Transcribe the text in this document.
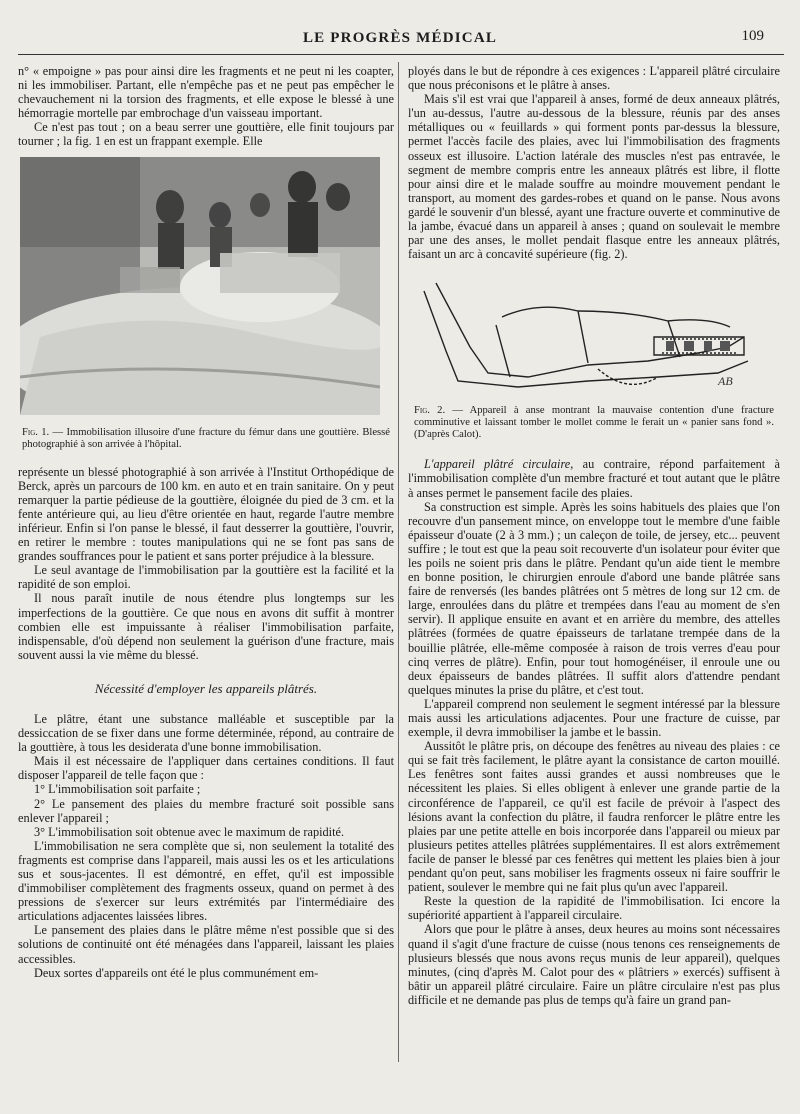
LE PROGRÈS MÉDICAL	109

n° « empoigne » pas pour ainsi dire les fragments et ne peut ni les coapter, ni les immobiliser. Partant, elle n'empêche pas et ne peut pas empêcher le chevauchement ni la torsion des fragments, et elle expose le blessé à une hémorragie mortelle par embrochage d'un vaisseau important.

Ce n'est pas tout ; on a beau serrer une gouttière, elle finit toujours par tourner ; la fig. 1 en est un frappant exemple. Elle

Fig. 1. — Immobilisation illusoire d'une fracture du fémur dans une gouttière. Blessé photographié à son arrivée à l'hôpital.

représente un blessé photographié à son arrivée à l'Institut Orthopédique de Berck, après un parcours de 100 km. en auto et en train sanitaire. On y peut remarquer la partie pédieuse de la gouttière, éloignée du pied de 3 cm. et la fente antérieure qui, au lieu d'être orientée en haut, regarde l'autre membre inférieur. Enfin si l'on panse le blessé, il faut desserrer la gouttière, l'ouvrir, en retirer le membre : toutes manipulations qui ne se font pas sans de grandes souffrances pour le patient et sans porter préjudice à la blessure.

Le seul avantage de l'immobilisation par la gouttière est la facilité et la rapidité de son emploi.

Il nous paraît inutile de nous étendre plus longtemps sur les imperfections de la gouttière. Ce que nous en avons dit suffit à montrer combien elle est impuissante à réaliser l'immobilisation parfaite, indispensable, d'où dépend non seulement la guérison d'une fracture, mais souvent aussi la vie même du blessé.

Nécessité d'employer les appareils plâtrés.

Le plâtre, étant une substance malléable et susceptible par la dessiccation de se fixer dans une forme déterminée, répond, au contraire de la gouttière, à tous les desiderata d'une bonne immobilisation.

Mais il est nécessaire de l'appliquer dans certaines conditions. Il faut disposer l'appareil de telle façon que :

1° L'immobilisation soit parfaite ;

2° Le pansement des plaies du membre fracturé soit possible sans enlever l'appareil ;

3° L'immobilisation soit obtenue avec le maximum de rapidité.

L'immobilisation ne sera complète que si, non seulement la totalité des fragments est comprise dans l'appareil, mais aussi les os et les articulations sus et sous-jacentes. Il est démontré, en effet, qu'il est impossible d'immobiliser complètement des fragments osseux, quand on permet à des pressions de s'exercer sur leurs extrémités par l'intermédiaire des articulations adjacentes laissées libres.

Le pansement des plaies dans le plâtre même n'est possible que si des solutions de continuité ont été ménagées dans l'appareil, laissant les plaies accessibles.

Deux sortes d'appareils ont été le plus communément em-

ployés dans le but de répondre à ces exigences : L'appareil plâtré circulaire que nous préconisons et le plâtre à anses.

Mais s'il est vrai que l'appareil à anses, formé de deux anneaux plâtrés, l'un au-dessus, l'autre au-dessous de la blessure, réunis par des anses métalliques ou « feuillards » qui forment ponts par-dessus la blessure, permet l'accès facile des plaies, avec lui l'immobilisation des fragments osseux est illusoire. L'action latérale des muscles n'est pas entravée, le segment de membre compris entre les anneaux plâtrés est libre, il flotte pour ainsi dire et le malade souffre au moindre mouvement pendant le transport, au moment des gardes-robes et quand on le panse. Nous avons gardé le souvenir d'un blessé, ayant une fracture ouverte et comminutive de la jambe, évacué dans un appareil à anses ; quand on soulevait le membre par une des anses, le mollet pendait flasque entre les anneaux plâtrés, faisant un arc à concavité supérieure (fig. 2).

AB
Fig. 2. — Appareil à anse montrant la mauvaise contention d'une fracture comminutive et laissant tomber le mollet comme le ferait un « panier sans fond ». (D'après Calot).

L'appareil plâtré circulaire, au contraire, répond parfaitement à l'immobilisation complète d'un membre fracturé et tout autant que le plâtre à anses permet le pansement facile des plaies.

Sa construction est simple. Après les soins habituels des plaies que l'on recouvre d'un pansement mince, on enveloppe tout le membre d'une faible épaisseur d'ouate (2 à 3 mm.) ; un caleçon de toile, de jersey, etc... peuvent suffire ; le tout est que la peau soit recouverte d'un isolateur pour éviter que les poils ne soient pris dans le plâtre. Pendant qu'un aide tient le membre en bonne position, le chirurgien enroule d'abord une bande plâtrée sans faire de renversés (les bandes plâtrées ont 5 mètres de long sur 12 cm. de large, enroulées dans du plâtre et trempées dans l'eau au moment de s'en servir). Il applique ensuite en avant et en arrière du membre, des attelles plâtrées (formées de quatre épaisseurs de tarlatane trempée dans de la bouillie plâtrée, elle-même composée à raison de trois verres d'eau pour cinq verres de plâtre). Enfin, pour tout homogénéiser, il enroule une ou deux épaisseurs de bandes plâtrées. Il suffit alors d'attendre pendant quelques minutes la prise du plâtre, et c'est tout.

L'appareil comprend non seulement le segment intéressé par la blessure mais aussi les articulations adjacentes. Pour une fracture de cuisse, par exemple, il devra immobiliser la jambe et le bassin.

Aussitôt le plâtre pris, on découpe des fenêtres au niveau des plaies : ce qui se fait très facilement, le plâtre ayant la consistance de carton mouillé. Les fenêtres sont faites aussi grandes et aussi nombreuses que le nécessitent les plaies. Si elles obligent à enlever une grande partie de la circonférence de l'appareil, ce qu'il est facile de prévoir à l'aspect des lésions avant la confection du plâtre, il faudra renforcer le plâtre entre les plaies par une petite attelle en bois incorporée dans l'appareil ou mieux par plusieurs petites attelles plâtrées supplémentaires. Il est alors extrêmement facile de panser le blessé par ces fenêtres qui mettent les plaies bien à jour pendant qu'on peut, sans mobiliser les fragments osseux ni faire souffrir le patient, soulever le membre qui ne fait plus qu'un avec l'appareil.

Reste la question de la rapidité de l'immobilisation. Ici encore la supériorité appartient à l'appareil circulaire.

Alors que pour le plâtre à anses, deux heures au moins sont nécessaires quand il s'agit d'une fracture de cuisse (nous tenons ces renseignements de plusieurs blessés que nous avons reçus munis de leur appareil), quelques minutes, (cinq d'après M. Calot pour des « plâtriers » exercés) suffisent à bâtir un appareil plâtré circulaire. Faire un plâtre circulaire n'est pas plus difficile et ne demande pas plus de temps qu'à faire un grand pan-
